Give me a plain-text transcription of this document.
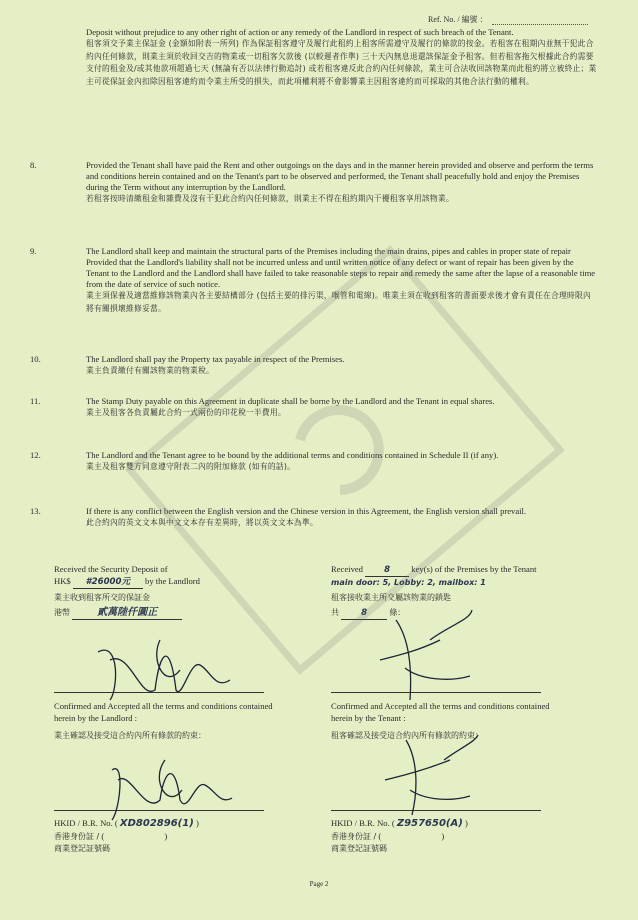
Ref. No. / 編號 ：
Deposit without prejudice to any other right of action or any remedy of the Landlord in respect of such breach of the Tenant.
租客須交予業主保証金 (金額如附表一所列) 作為保証租客遵守及履行此租約上租客所需遵守及履行的條款的按金。若租客在租期內並無干犯此合約內任何條款，則業主須於收回交吉的物業或一切租客欠款後 (以較遲者作準) 三十天內無息退還該保証金予租客。但若租客拖欠根據此合約需要支付的租金及/或其他款項超過七天 (無論有否以法律行動追討) 或若租客違反此合約內任何條款，業主可合法收回該物業而此租約將立被終止；業主可從保証金內扣除因租客違約而令業主所受的損失，而此項權利將不會影響業主因租客違約而可採取的其他合法行動的權利。
8.	Provided the Tenant shall have paid the Rent and other outgoings on the days and in the manner herein provided and observe and perform the terms and conditions herein contained and on the Tenant's part to be observed and performed, the Tenant shall peacefully hold and enjoy the Premises during the Term without any interruption by the Landlord.
若租客按時清繳租金和雜費及沒有干犯此合約內任何條款，則業主不得在租約期內干擾租客享用該物業。
9.	The Landlord shall keep and maintain the structural parts of the Premises including the main drains, pipes and cables in proper state of repair Provided that the Landlord's liability shall not be incurred unless and until written notice of any defect or want of repair has been given by the Tenant to the Landlord and the Landlord shall have failed to take reasonable steps to repair and remedy the same after the lapse of a reasonable time from the date of service of such notice.
業主須保養及適當維修該物業內各主要結構部分 (包括主要的排污渠，喉管和電線)。唯業主須在收到租客的書面要求後才會有責任在合理時限內將有關損壞維修妥當。
10.	The Landlord shall pay the Property tax payable in respect of the Premises.
業主負責繳付有關該物業的物業稅。
11.	The Stamp Duty payable on this Agreement in duplicate shall be borne by the Landlord and the Tenant in equal shares.
業主及租客各負責屬此合約一式兩份的印花稅一半費用。
12.	The Landlord and the Tenant agree to be bound by the additional terms and conditions contained in Schedule II (if any).
業主及租客雙方同意遵守附表二內的附加條款 (如有的話)。
13.	If there is any conflict between the English version and the Chinese version in this Agreement, the English version shall prevail.
此合約內的英文文本與中文文本存有差異時，將以英文文本為準。
Received the Security Deposit of
HK$ #26000元 by the Landlord
業主收到租客所交的保証金
港幣	貳萬陸仟圓正
Received 8 key(s) of the Premises by the Tenant
main door: 5, Lobby: 2, mailbox: 1
租客接收業主所交屬該物業的鎖匙
共	8	條：
Confirmed and Accepted all the terms and conditions contained herein by the Landlord :
業主確認及接受這合約內所有條款的約束：
Confirmed and Accepted all the terms and conditions contained herein by the Tenant :
租客確認及接受這合約內所有條款的約束：
HKID / B.R. No. ( XD802896(1) )
香港身份証 / (                            )
商業登記証號碼
HKID / B.R. No. ( Z957650(A) )
香港身份証 / (                            )
商業登記証號碼
Page 2
